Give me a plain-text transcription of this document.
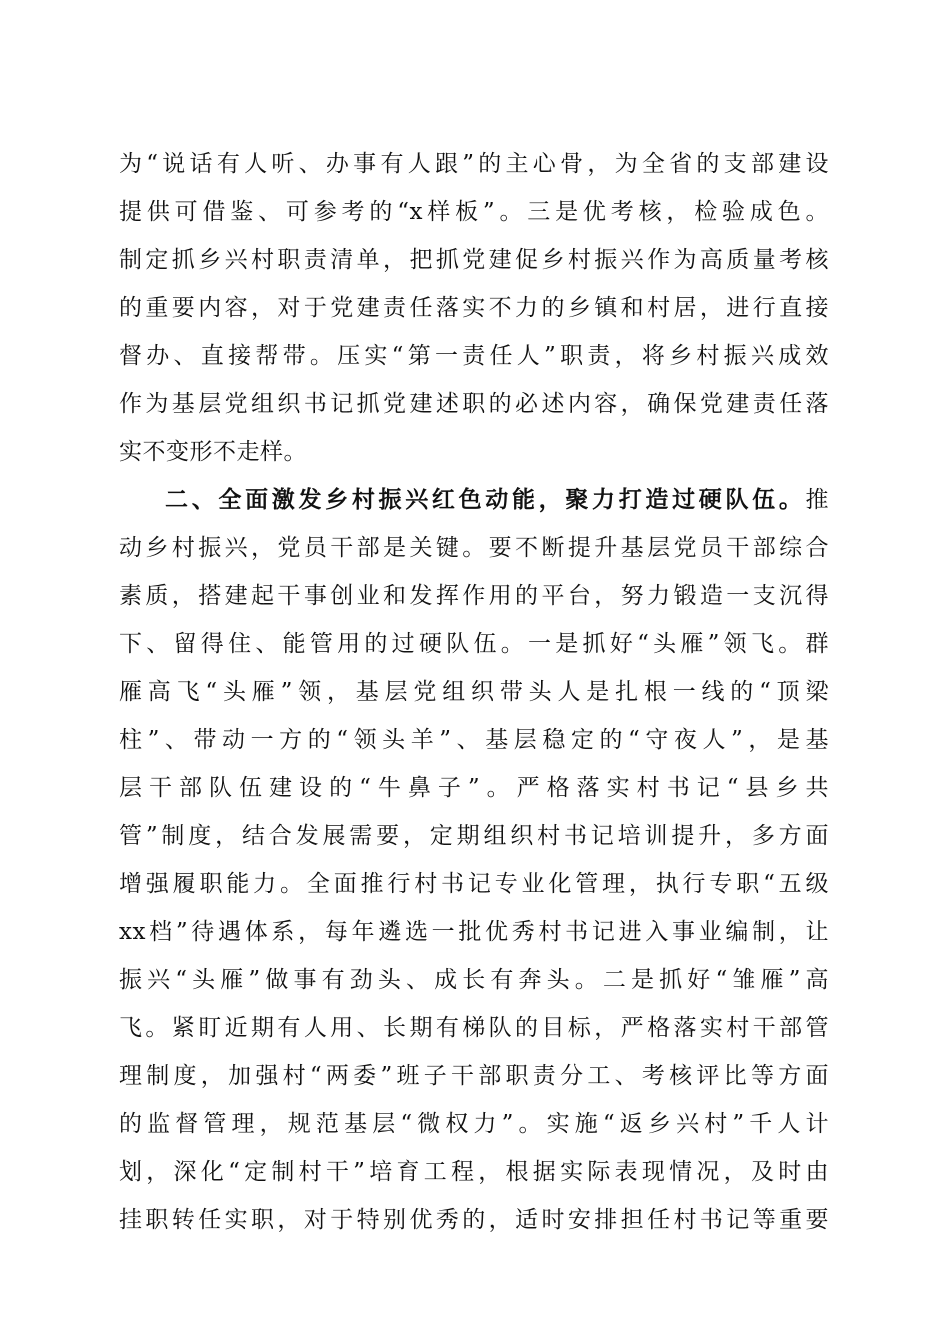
为“说话有人听、办事有人跟”的主心骨，为全省的支部建设
提供可借鉴、可参考的“x样板”。三是优考核，检验成色。
制定抓乡兴村职责清单，把抓党建促乡村振兴作为高质量考核
的重要内容，对于党建责任落实不力的乡镇和村居，进行直接
督办、直接帮带。压实“第一责任人”职责，将乡村振兴成效
作为基层党组织书记抓党建述职的必述内容，确保党建责任落
实不变形不走样。
二、全面激发乡村振兴红色动能，聚力打造过硬队伍。推
动乡村振兴，党员干部是关键。要不断提升基层党员干部综合
素质，搭建起干事创业和发挥作用的平台，努力锻造一支沉得
下、留得住、能管用的过硬队伍。一是抓好“头雁”领飞。群
雁高飞“头雁”领，基层党组织带头人是扎根一线的“顶梁
柱”、带动一方的“领头羊”、基层稳定的“守夜人”，是基
层干部队伍建设的“牛鼻子”。严格落实村书记“县乡共
管”制度，结合发展需要，定期组织村书记培训提升，多方面
增强履职能力。全面推行村书记专业化管理，执行专职“五级
xx档”待遇体系，每年遴选一批优秀村书记进入事业编制，让
振兴“头雁”做事有劲头、成长有奔头。二是抓好“雏雁”高
飞。紧盯近期有人用、长期有梯队的目标，严格落实村干部管
理制度，加强村“两委”班子干部职责分工、考核评比等方面
的监督管理，规范基层“微权力”。实施“返乡兴村”千人计
划，深化“定制村干”培育工程，根据实际表现情况，及时由
挂职转任实职，对于特别优秀的，适时安排担任村书记等重要
